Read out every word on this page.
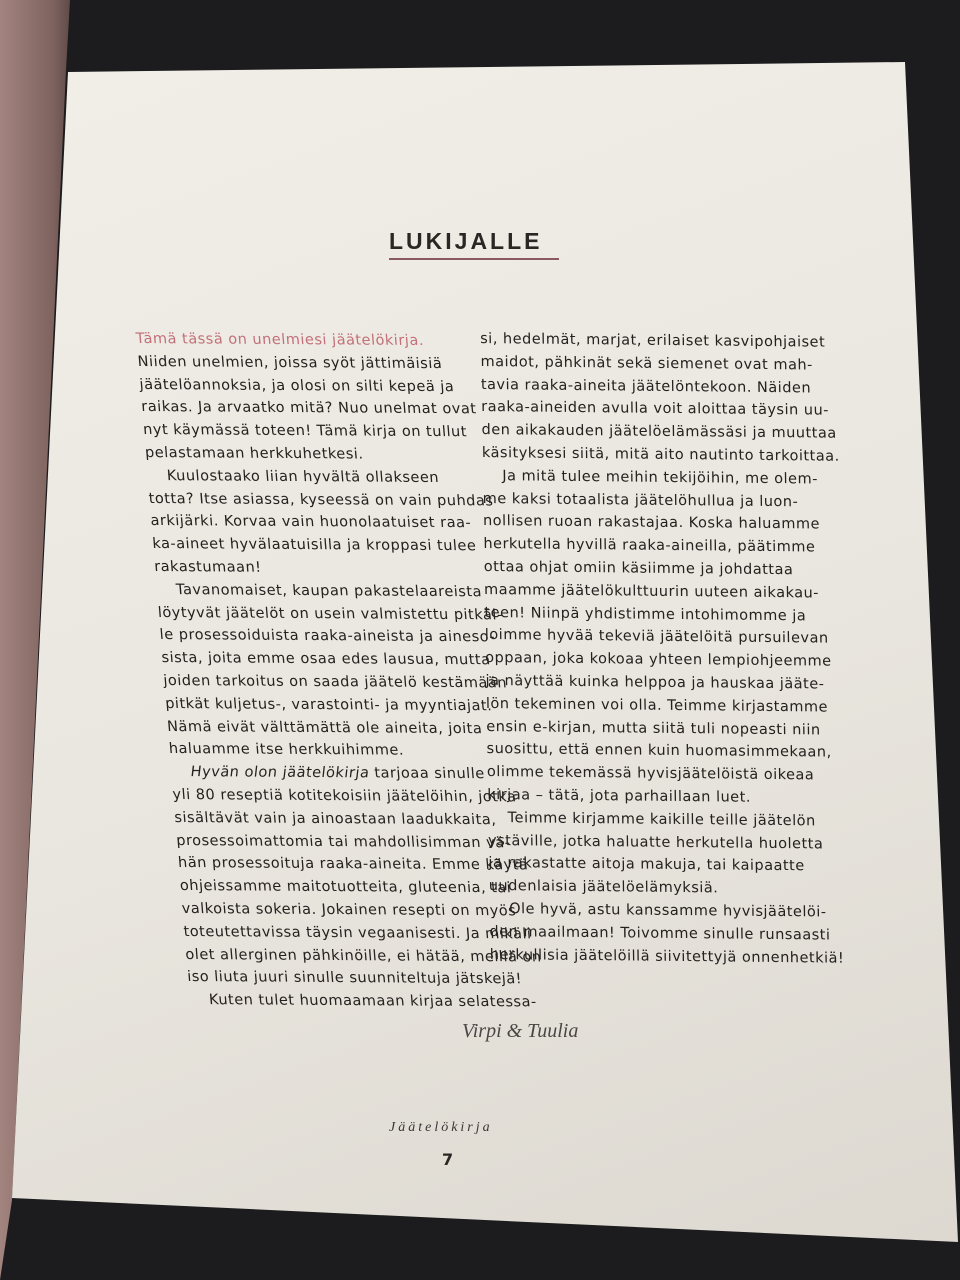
LUKIJALLE
Tämä tässä on unelmiesi jäätelökirja.
Niiden unelmien, joissa syöt jättimäisiä
jäätelöannoksia, ja olosi on silti kepeä ja
raikas. Ja arvaatko mitä? Nuo unelmat ovat
nyt käymässä toteen! Tämä kirja on tullut
pelastamaan herkkuhetkesi.
Kuulostaako liian hyvältä ollakseen
totta? Itse asiassa, kyseessä on vain puhdas
arkijärki. Korvaa vain huonolaatuiset raa-
ka-aineet hyvälaatuisilla ja kroppasi tulee
rakastumaan!
Tavanomaiset, kaupan pakastelaareista
löytyvät jäätelöt on usein valmistettu pitkäl-
le prosessoiduista raaka-aineista ja aineso-
sista, joita emme osaa edes lausua, mutta
joiden tarkoitus on saada jäätelö kestämään
pitkät kuljetus-, varastointi- ja myyntiajat.
Nämä eivät välttämättä ole aineita, joita
haluamme itse herkkuihimme.
Hyvän olon jäätelökirja tarjoaa sinulle
yli 80 reseptiä kotitekoisiin jäätelöihin, jotka
sisältävät vain ja ainoastaan laadukkaita,
prosessoimattomia tai mahdollisimman vä-
hän prosessoituja raaka-aineita. Emme käytä
ohjeissamme maitotuotteita, gluteenia, tai
valkoista sokeria. Jokainen resepti on myös
toteutettavissa täysin vegaanisesti. Ja mikäli
olet allerginen pähkinöille, ei hätää, meillä on
iso liuta juuri sinulle suunniteltuja jätskejä!
Kuten tulet huomaamaan kirjaa selatessa-
si, hedelmät, marjat, erilaiset kasvipohjaiset
maidot, pähkinät sekä siemenet ovat mah-
tavia raaka-aineita jäätelöntekoon. Näiden
raaka-aineiden avulla voit aloittaa täysin uu-
den aikakauden jäätelöelämässäsi ja muuttaa
käsityksesi siitä, mitä aito nautinto tarkoittaa.
Ja mitä tulee meihin tekijöihin, me olem-
me kaksi totaalista jäätelöhullua ja luon-
nollisen ruoan rakastajaa. Koska haluamme
herkutella hyvillä raaka-aineilla, päätimme
ottaa ohjat omiin käsiimme ja johdattaa
maamme jäätelökulttuurin uuteen aikakau-
teen! Niinpä yhdistimme intohimomme ja
loimme hyvää tekeviä jäätelöitä pursuilevan
oppaan, joka kokoaa yhteen lempiohjeemme
ja näyttää kuinka helppoa ja hauskaa jääte-
lön tekeminen voi olla. Teimme kirjastamme
ensin e-kirjan, mutta siitä tuli nopeasti niin
suosittu, että ennen kuin huomasimmekaan,
olimme tekemässä hyvisjäätelöistä oikeaa
kirjaa – tätä, jota parhaillaan luet.
Teimme kirjamme kaikille teille jäätelön
ystäville, jotka haluatte herkutella huoletta
ja rakastatte aitoja makuja, tai kaipaatte
uudenlaisia jäätelöelämyksiä.
Ole hyvä, astu kanssamme hyvisjäätelöi-
den maailmaan! Toivomme sinulle runsaasti
herkullisia jäätelöillä siivitettyjä onnenhetkiä!
Virpi & Tuulia
Jäätelökirja
7
